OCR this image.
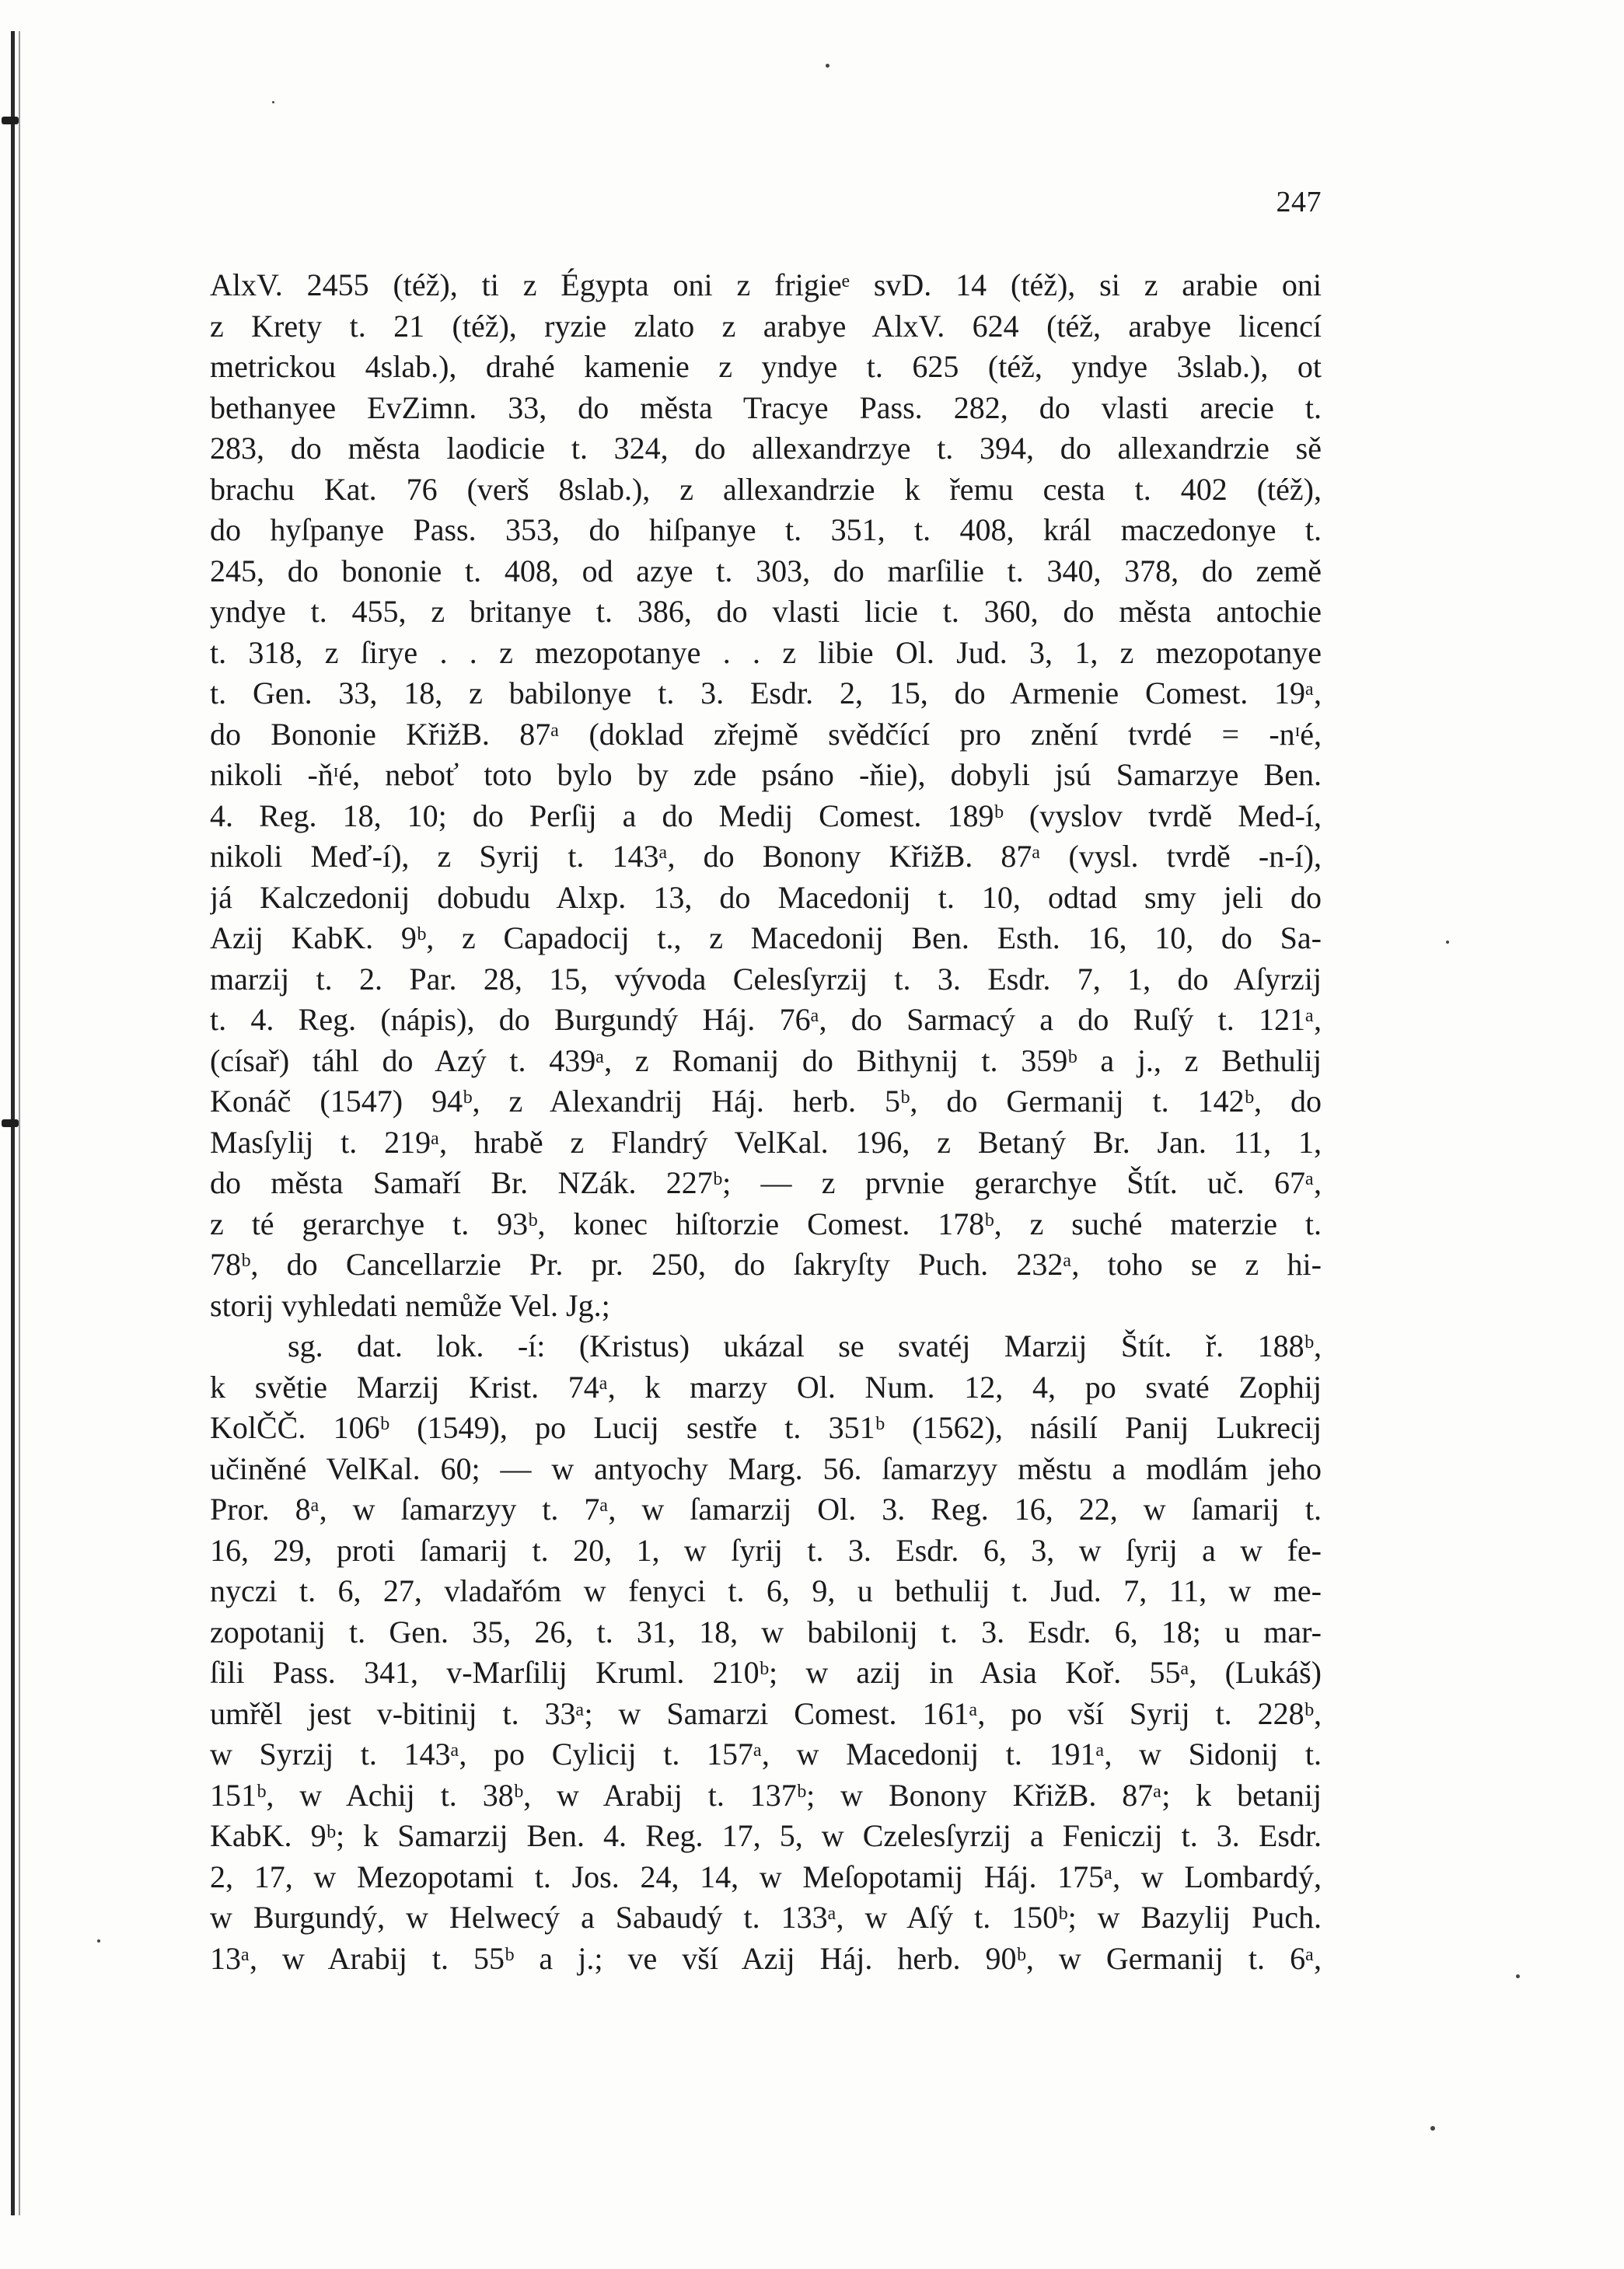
247
AlxV. 2455 (též), ti z Égypta oni z frigieᵉ svD. 14 (též), si z arabie oni
z Krety t. 21 (též), ryzie zlato z arabye AlxV. 624 (též, arabye licencí
metrickou 4slab.), drahé kamenie z yndye t. 625 (též, yndye 3slab.), ot
bethanyee EvZimn. 33, do města Tracye Pass. 282, do vlasti arecie t.
283, do města laodicie t. 324, do allexandrzye t. 394, do allexandrzie sě
brachu Kat. 76 (verš 8slab.), z allexandrzie k řemu cesta t. 402 (též),
do hyſpanye Pass. 353, do hiſpanye t. 351, t. 408, král maczedonye t.
245, do bononie t. 408, od azye t. 303, do marſilie t. 340, 378, do země
yndye t. 455, z britanye t. 386, do vlasti licie t. 360, do města antochie
t. 318, z ſirye . . z mezopotanye . . z libie Ol. Jud. 3, 1, z mezopotanye
t. Gen. 33, 18, z babilonye t. 3. Esdr. 2, 15, do Armenie Comest. 19ᵃ,
do Bononie KřižB. 87ᵃ (doklad zřejmě svědčící pro znění tvrdé = -nᶦé,
nikoli -ňᶦé, neboť toto bylo by zde psáno -ňie), dobyli jsú Samarzye Ben.
4. Reg. 18, 10; do Perſij a do Medij Comest. 189ᵇ (vyslov tvrdě Med-í,
nikoli Meď-í), z Syrij t. 143ᵃ, do Bonony KřižB. 87ᵃ (vysl. tvrdě -n-í),
já Kalczedonij dobudu Alxp. 13, do Macedonij t. 10, odtad smy jeli do
Azij KabK. 9ᵇ, z Capadocij t., z Macedonij Ben. Esth. 16, 10, do Sa-
marzij t. 2. Par. 28, 15, vývoda Celesſyrzij t. 3. Esdr. 7, 1, do Aſyrzij
t. 4. Reg. (nápis), do Burgundý Háj. 76ᵃ, do Sarmacý a do Ruſý t. 121ᵃ,
(císař) táhl do Azý t. 439ᵃ, z Romanij do Bithynij t. 359ᵇ a j., z Bethulij
Konáč (1547) 94ᵇ, z Alexandrij Háj. herb. 5ᵇ, do Germanij t. 142ᵇ, do
Masſylij t. 219ᵃ, hrabě z Flandrý VelKal. 196, z Betaný Br. Jan. 11, 1,
do města Samaří Br. NZák. 227ᵇ; — z prvnie gerarchye Štít. uč. 67ᵃ,
z té gerarchye t. 93ᵇ, konec hiſtorzie Comest. 178ᵇ, z suché materzie t.
78ᵇ, do Cancellarzie Pr. pr. 250, do ſakryſty Puch. 232ᵃ, toho se z hi-
storij vyhledati nemůže Vel. Jg.;
sg. dat. lok. -í: (Kristus) ukázal se svatéj Marzij Štít. ř. 188ᵇ,
k světie Marzij Krist. 74ᵃ, k marzy Ol. Num. 12, 4, po svaté Zophij
KolČČ. 106ᵇ (1549), po Lucij sestře t. 351ᵇ (1562), násilí Panij Lukrecij
učiněné VelKal. 60; — w antyochy Marg. 56. ſamarzyy městu a modlám jeho
Pror. 8ᵃ, w ſamarzyy t. 7ᵃ, w ſamarzij Ol. 3. Reg. 16, 22, w ſamarij t.
16, 29, proti ſamarij t. 20, 1, w ſyrij t. 3. Esdr. 6, 3, w ſyrij a w fe-
nyczi t. 6, 27, vladařóm w fenyci t. 6, 9, u bethulij t. Jud. 7, 11, w me-
zopotanij t. Gen. 35, 26, t. 31, 18, w babilonij t. 3. Esdr. 6, 18; u mar-
ſili Pass. 341, v-Marſilij Kruml. 210ᵇ; w azij in Asia Koř. 55ᵃ, (Lukáš)
umřěl jest v-bitinij t. 33ᵃ; w Samarzi Comest. 161ᵃ, po vší Syrij t. 228ᵇ,
w Syrzij t. 143ᵃ, po Cylicij t. 157ᵃ, w Macedonij t. 191ᵃ, w Sidonij t.
151ᵇ, w Achij t. 38ᵇ, w Arabij t. 137ᵇ; w Bonony KřižB. 87ᵃ; k betanij
KabK. 9ᵇ; k Samarzij Ben. 4. Reg. 17, 5, w Czelesſyrzij a Feniczij t. 3. Esdr.
2, 17, w Mezopotami t. Jos. 24, 14, w Meſopotamij Háj. 175ᵃ, w Lombardý,
w Burgundý, w Helwecý a Sabaudý t. 133ᵃ, w Aſý t. 150ᵇ; w Bazylij Puch.
13ᵃ, w Arabij t. 55ᵇ a j.; ve vší Azij Háj. herb. 90ᵇ, w Germanij t. 6ᵃ,
